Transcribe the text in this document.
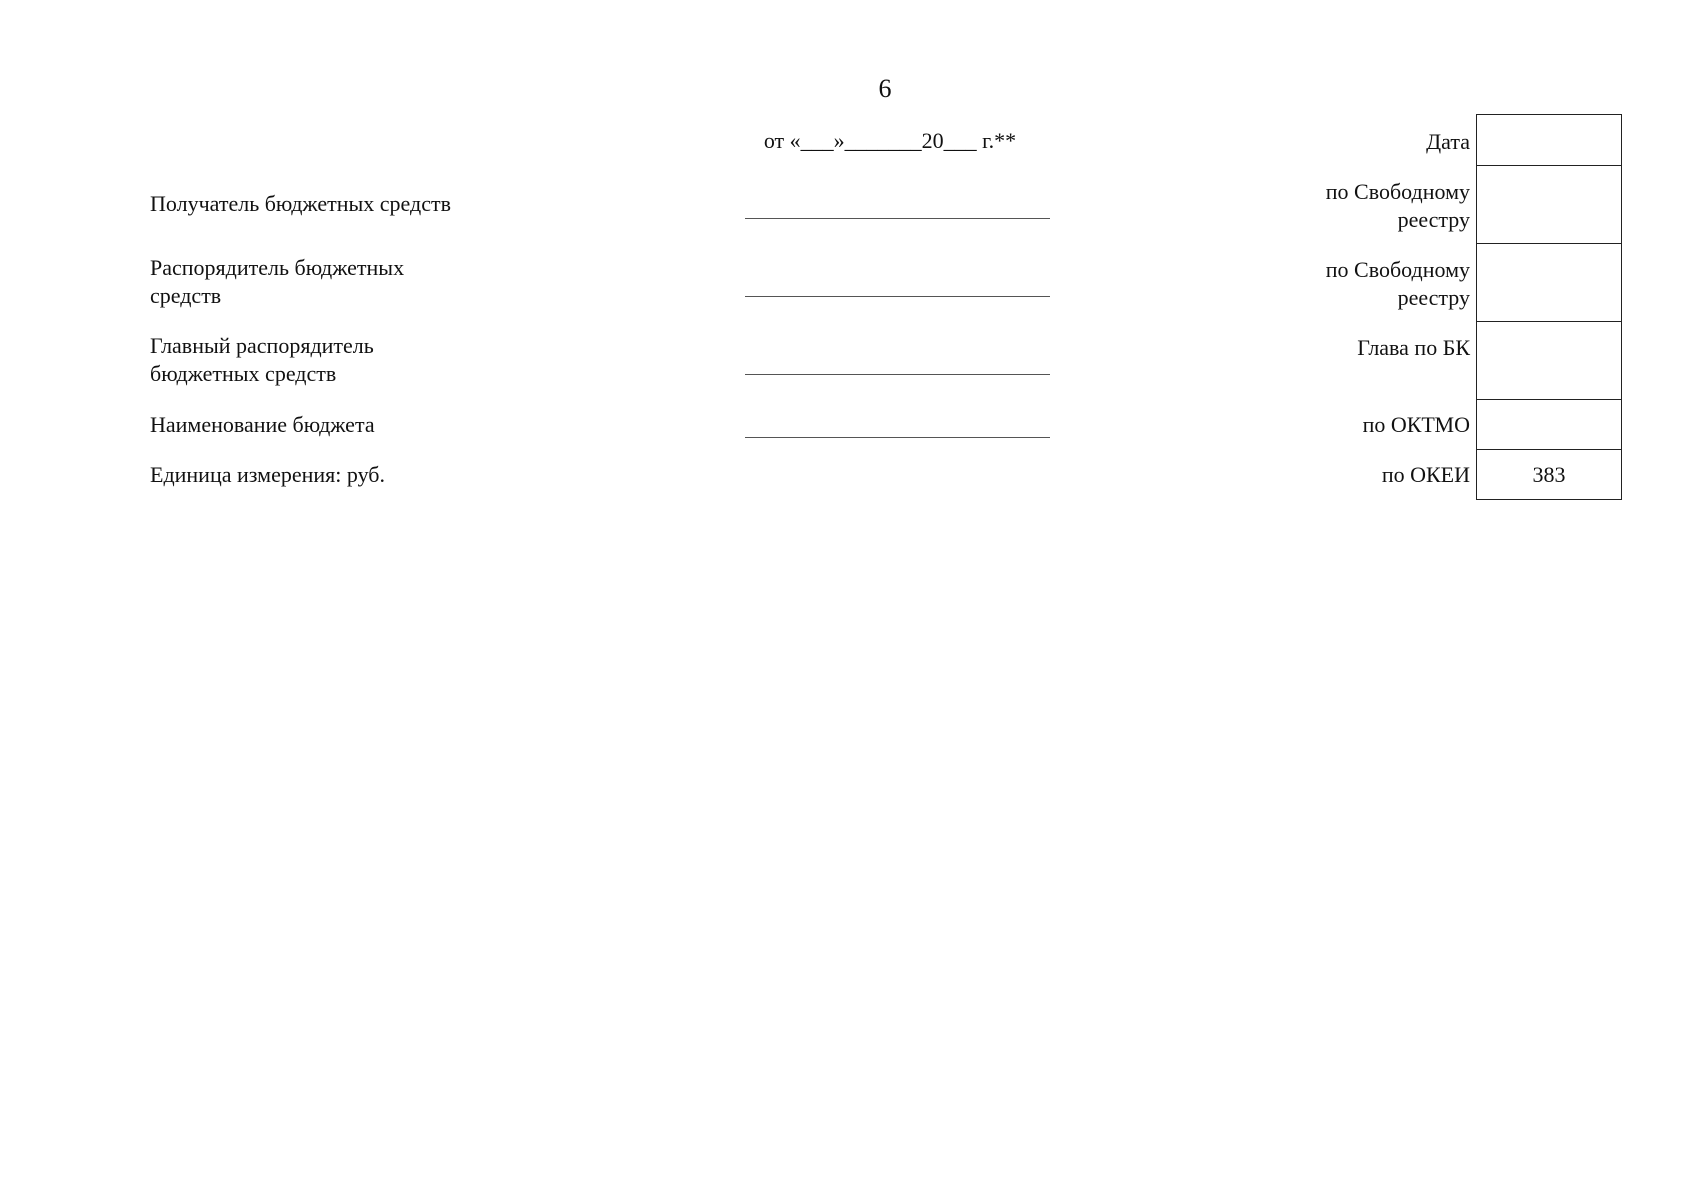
6
от «___»_______20___ г.**
Получатель бюджетных средств
Распорядитель бюджетных
средств
Главный распорядитель
бюджетных средств
Наименование бюджета
Единица измерения: руб.
Дата
по Свободному
реестру
по Свободному
реестру
Глава по БК
по ОКТМО
по ОКЕИ	383
